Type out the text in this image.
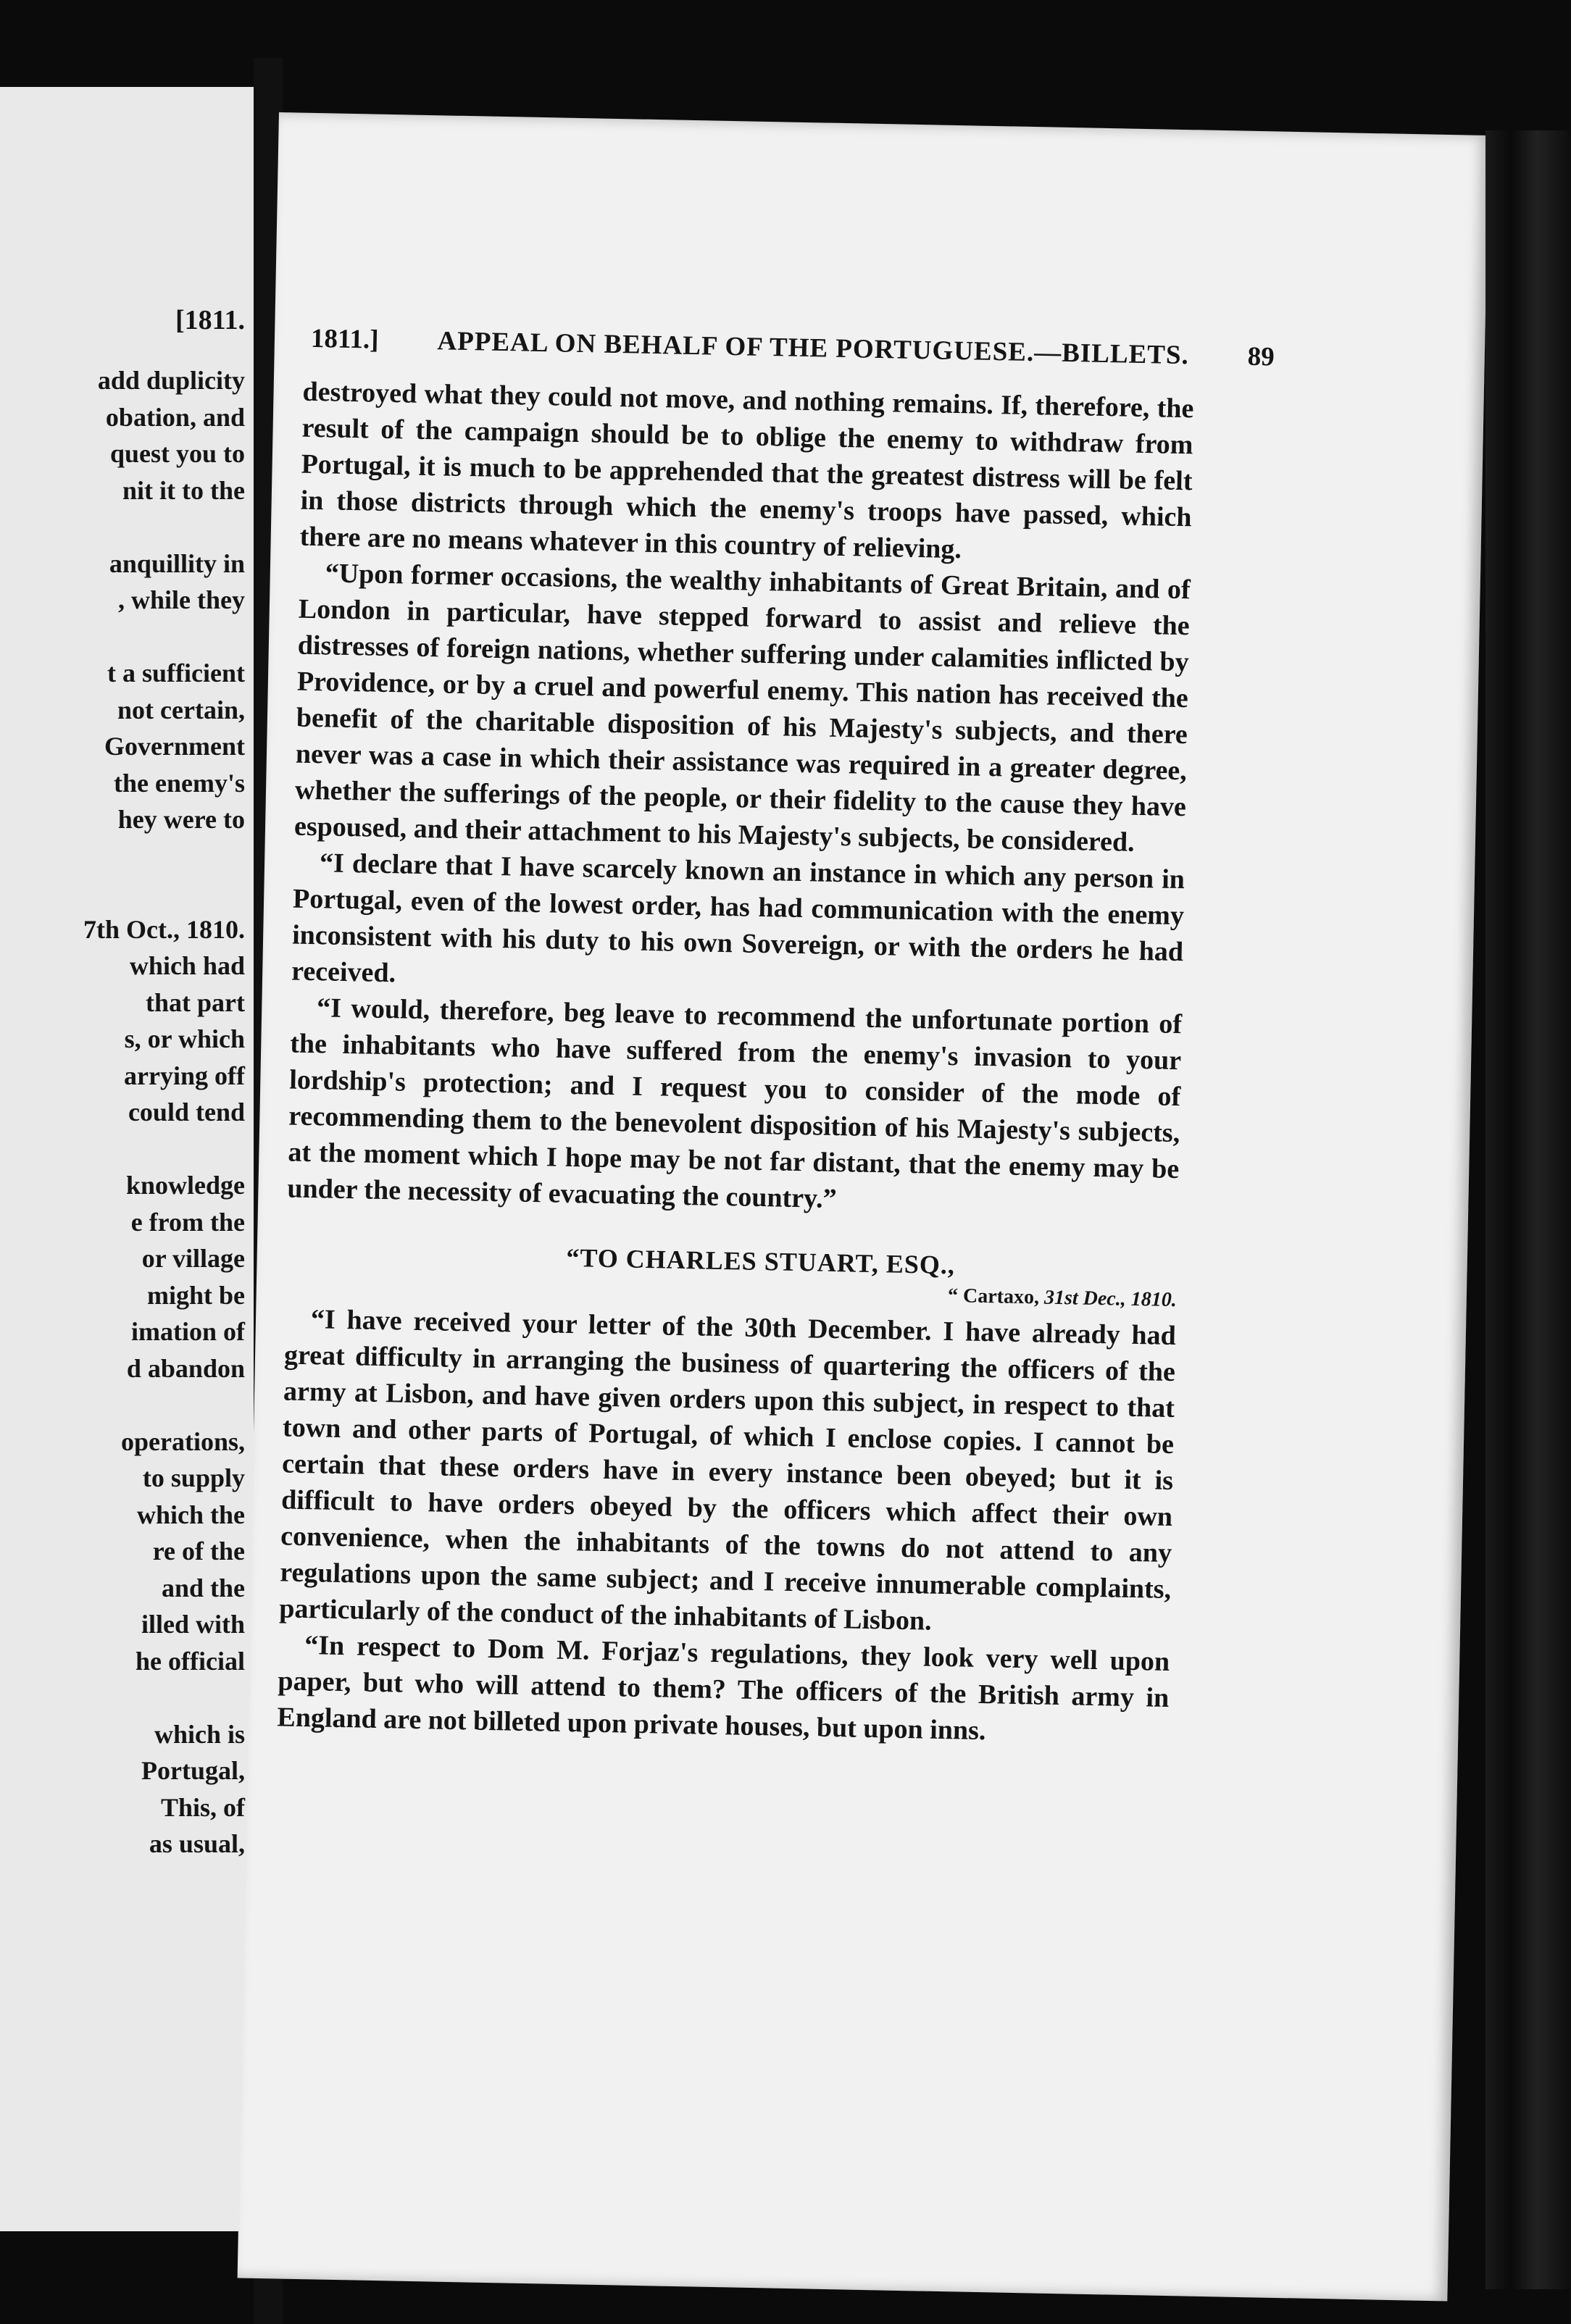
[1811.
add duplicity
obation, and
quest you to
nit it to the
anquillity in
, while they
t a sufficient
not certain,
Government
the enemy's
hey were to
7th Oct., 1810.
which had
that part
s, or which
arrying off
could tend
knowledge
e from the
or village
might be
imation of
d abandon
operations,
to supply
which the
re of the
and the
illed with
he official
which is
Portugal,
This, of
as usual,
1811.] APPEAL ON BEHALF OF THE PORTUGUESE.—BILLETS. 89

destroyed what they could not move, and nothing remains. If, therefore, the result of the campaign should be to oblige the enemy to withdraw from Portugal, it is much to be apprehended that the greatest distress will be felt in those districts through which the enemy's troops have passed, which there are no means whatever in this country of relieving.

“Upon former occasions, the wealthy inhabitants of Great Britain, and of London in particular, have stepped forward to assist and relieve the distresses of foreign nations, whether suffering under calamities inflicted by Providence, or by a cruel and powerful enemy. This nation has received the benefit of the charitable disposition of his Majesty's subjects, and there never was a case in which their assistance was required in a greater degree, whether the sufferings of the people, or their fidelity to the cause they have espoused, and their attachment to his Majesty's subjects, be considered.

“I declare that I have scarcely known an instance in which any person in Portugal, even of the lowest order, has had communication with the enemy inconsistent with his duty to his own Sovereign, or with the orders he had received.

“I would, therefore, beg leave to recommend the unfortunate portion of the inhabitants who have suffered from the enemy's invasion to your lordship's protection; and I request you to consider of the mode of recommending them to the benevolent disposition of his Majesty's subjects, at the moment which I hope may be not far distant, that the enemy may be under the necessity of evacuating the country.”

“TO CHARLES STUART, ESQ.,
“ Cartaxo, 31st Dec., 1810.

“I have received your letter of the 30th December. I have already had great difficulty in arranging the business of quartering the officers of the army at Lisbon, and have given orders upon this subject, in respect to that town and other parts of Portugal, of which I enclose copies. I cannot be certain that these orders have in every instance been obeyed; but it is difficult to have orders obeyed by the officers which affect their own convenience, when the inhabitants of the towns do not attend to any regulations upon the same subject; and I receive innumerable complaints, particularly of the conduct of the inhabitants of Lisbon.

“In respect to Dom M. Forjaz's regulations, they look very well upon paper, but who will attend to them? The officers of the British army in England are not billeted upon private houses, but upon inns.
